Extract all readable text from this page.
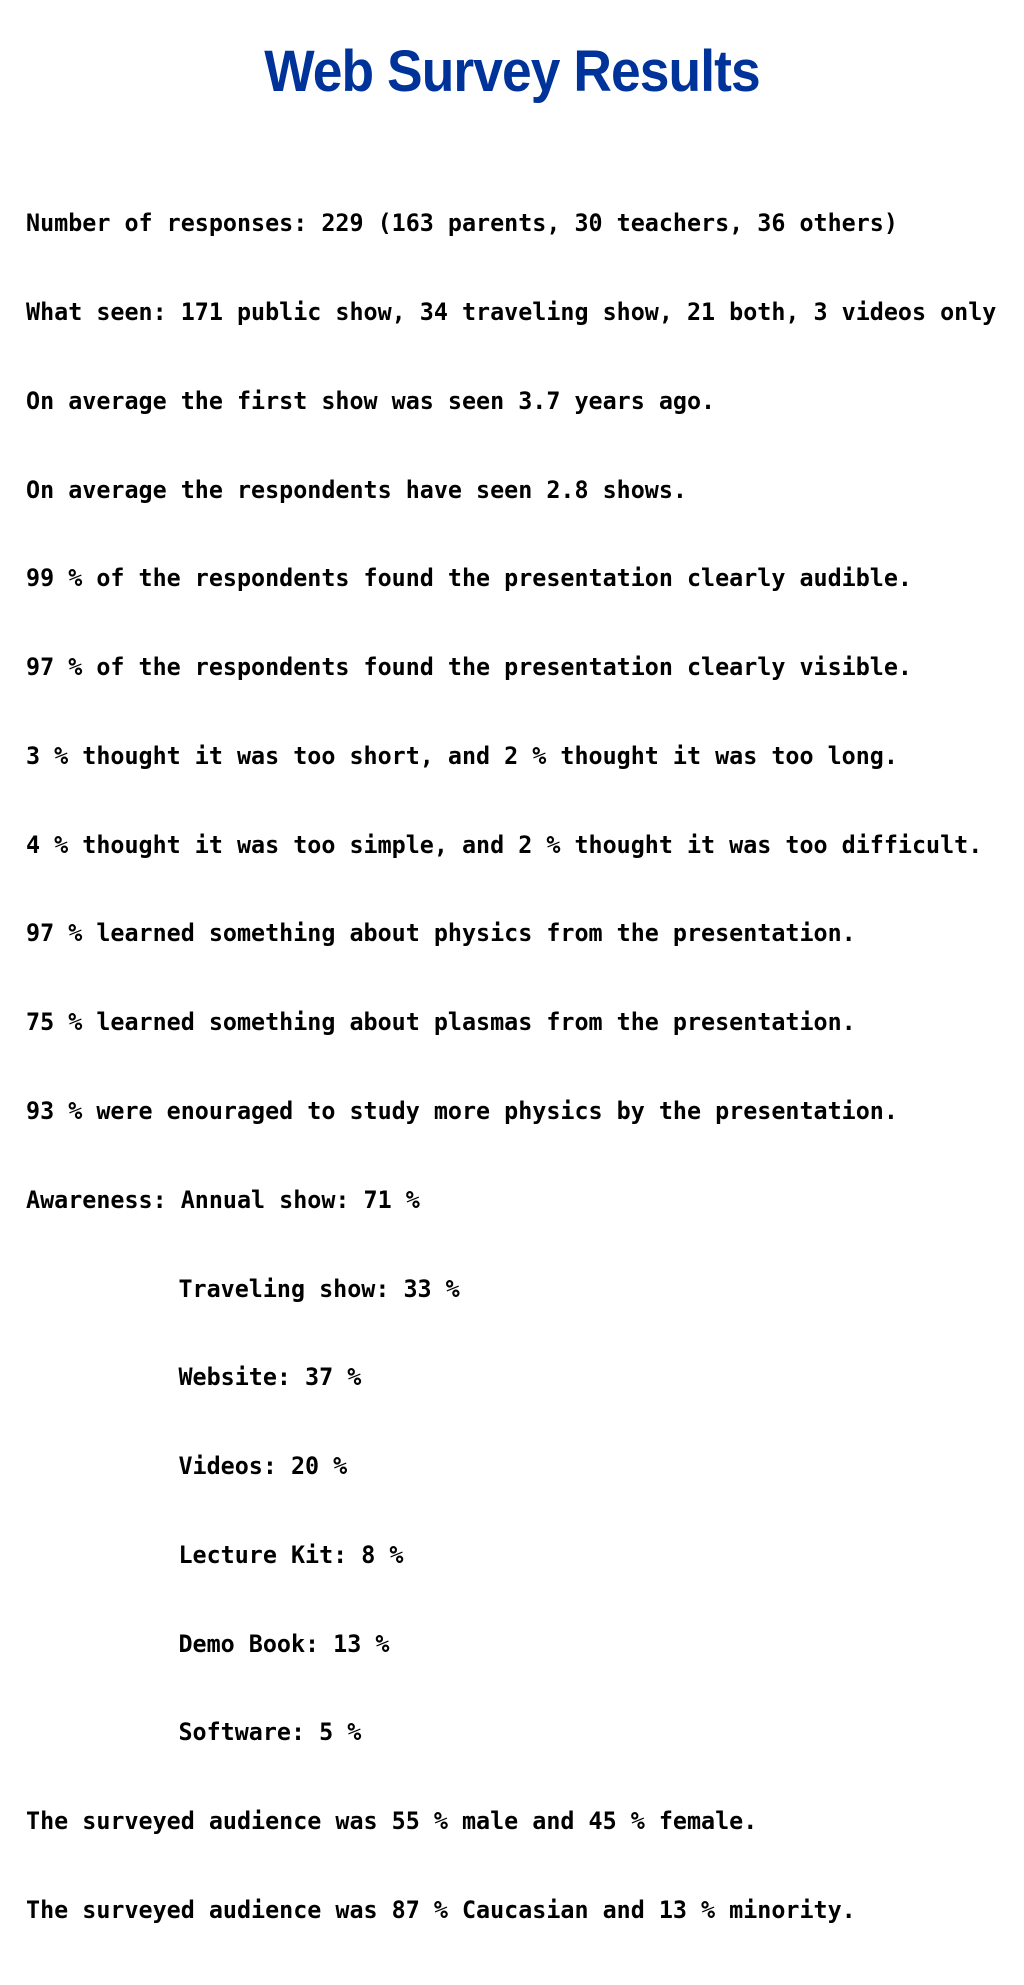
Web Survey Results

Number of responses: 229 (163 parents, 30 teachers, 36 others)

What seen: 171 public show, 34 traveling show, 21 both, 3 videos only

On average the first show was seen 3.7 years ago.

On average the respondents have seen 2.8 shows.

99 % of the respondents found the presentation clearly audible.

97 % of the respondents found the presentation clearly visible.

3 % thought it was too short, and 2 % thought it was too long.

4 % thought it was too simple, and 2 % thought it was too difficult.

97 % learned something about physics from the presentation.

75 % learned something about plasmas from the presentation.

93 % were enouraged to study more physics by the presentation.

Awareness: Annual show: 71 %

Traveling show: 33 %

Website: 37 %

Videos: 20 %

Lecture Kit: 8 %

Demo Book: 13 %

Software: 5 %

The surveyed audience was 55 % male and 45 % female.

The surveyed audience was 87 % Caucasian and 13 % minority.
